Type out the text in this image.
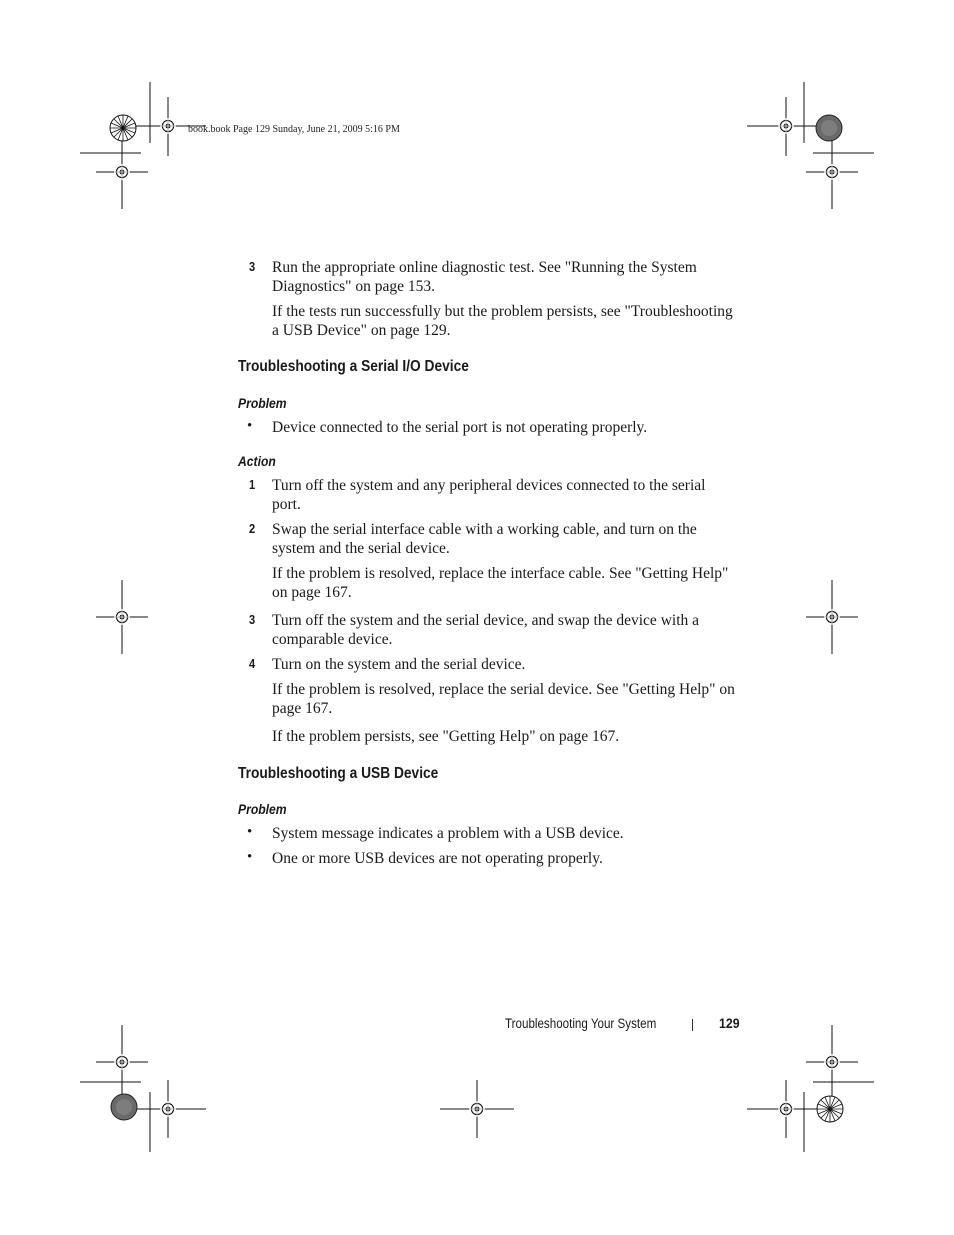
book.book Page 129 Sunday, June 21, 2009 5:16 PM
3 Run the appropriate online diagnostic test. See "Running the System Diagnostics" on page 153.
If the tests run successfully but the problem persists, see "Troubleshooting a USB Device" on page 129.
Troubleshooting a Serial I/O Device
Problem
• Device connected to the serial port is not operating properly.
Action
1 Turn off the system and any peripheral devices connected to the serial port.
2 Swap the serial interface cable with a working cable, and turn on the system and the serial device.
If the problem is resolved, replace the interface cable. See "Getting Help" on page 167.
3 Turn off the system and the serial device, and swap the device with a comparable device.
4 Turn on the system and the serial device.
If the problem is resolved, replace the serial device. See "Getting Help" on page 167.
If the problem persists, see "Getting Help" on page 167.
Troubleshooting a USB Device
Problem
• System message indicates a problem with a USB device.
• One or more USB devices are not operating properly.
Troubleshooting Your System	129
